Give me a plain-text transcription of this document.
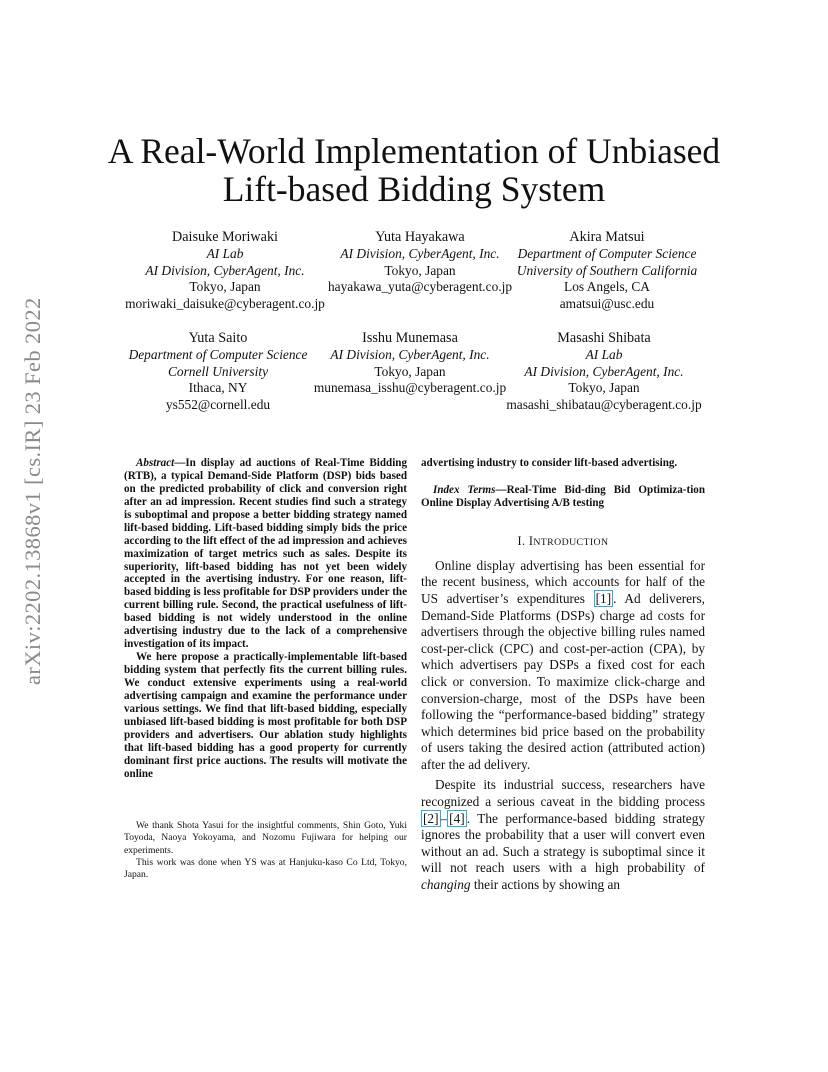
arXiv:2202.13868v1 [cs.IR] 23 Feb 2022
A Real-World Implementation of Unbiased
Lift-based Bidding System
Daisuke Moriwaki
AI Lab
AI Division, CyberAgent, Inc.
Tokyo, Japan
moriwaki_daisuke@cyberagent.co.jp
Yuta Hayakawa
AI Division, CyberAgent, Inc.
Tokyo, Japan
hayakawa_yuta@cyberagent.co.jp
Akira Matsui
Department of Computer Science
University of Southern California
Los Angels, CA
amatsui@usc.edu
Yuta Saito
Department of Computer Science
Cornell University
Ithaca, NY
ys552@cornell.edu
Isshu Munemasa
AI Division, CyberAgent, Inc.
Tokyo, Japan
munemasa_isshu@cyberagent.co.jp
Masashi Shibata
AI Lab
AI Division, CyberAgent, Inc.
Tokyo, Japan
masashi_shibatau@cyberagent.co.jp

Abstract—In display ad auctions of Real-Time Bidding (RTB), a typical Demand-Side Platform (DSP) bids based on the predicted probability of click and conversion right after an ad impression. Recent studies find such a strategy is suboptimal and propose a better bidding strategy named lift-based bidding. Lift-based bidding simply bids the price according to the lift effect of the ad impression and achieves maximization of target metrics such as sales. Despite its superiority, lift-based bidding has not yet been widely accepted in the avertising industry. For one reason, lift-based bidding is less profitable for DSP providers under the current billing rule. Second, the practical usefulness of lift-based bidding is not widely understood in the online advertising industry due to the lack of a comprehensive investigation of its impact.

We here propose a practically-implementable lift-based bidding system that perfectly fits the current billing rules. We conduct extensive experiments using a real-world advertising campaign and examine the performance under various settings. We find that lift-based bidding, especially unbiased lift-based bidding is most profitable for both DSP providers and advertisers. Our ablation study highlights that lift-based bidding has a good property for currently dominant first price auctions. The results will motivate the online

We thank Shota Yasui for the insightful comments, Shin Goto, Yuki Toyoda, Naoya Yokoyama, and Nozomu Fujiwara for helping our experiments.

This work was done when YS was at Hanjuku-kaso Co Ltd, Tokyo, Japan.

advertising industry to consider lift-based advertising.

Index Terms—Real-Time Bid-ding Bid Optimiza-tion Online Display Advertising A/B testing

I. INTRODUCTION

Online display advertising has been essential for the recent business, which accounts for half of the US advertiser’s expenditures [1] . Ad deliverers, Demand-Side Platforms (DSPs) charge ad costs for advertisers through the objective billing rules named cost-per-click (CPC) and cost-per-action (CPA), by which advertisers pay DSPs a fixed cost for each click or conversion. To maximize click-charge and conversion-charge, most of the DSPs have been following the “performance-based bidding” strategy which determines bid price based on the probability of users taking the desired action (attributed action) after the ad delivery.

Despite its industrial success, researchers have recognized a serious caveat in the bidding process [2] – [4] . The performance-based bidding strategy ignores the probability that a user will convert even without an ad. Such a strategy is suboptimal since it will not reach users with a high probability of changing their actions by showing an
